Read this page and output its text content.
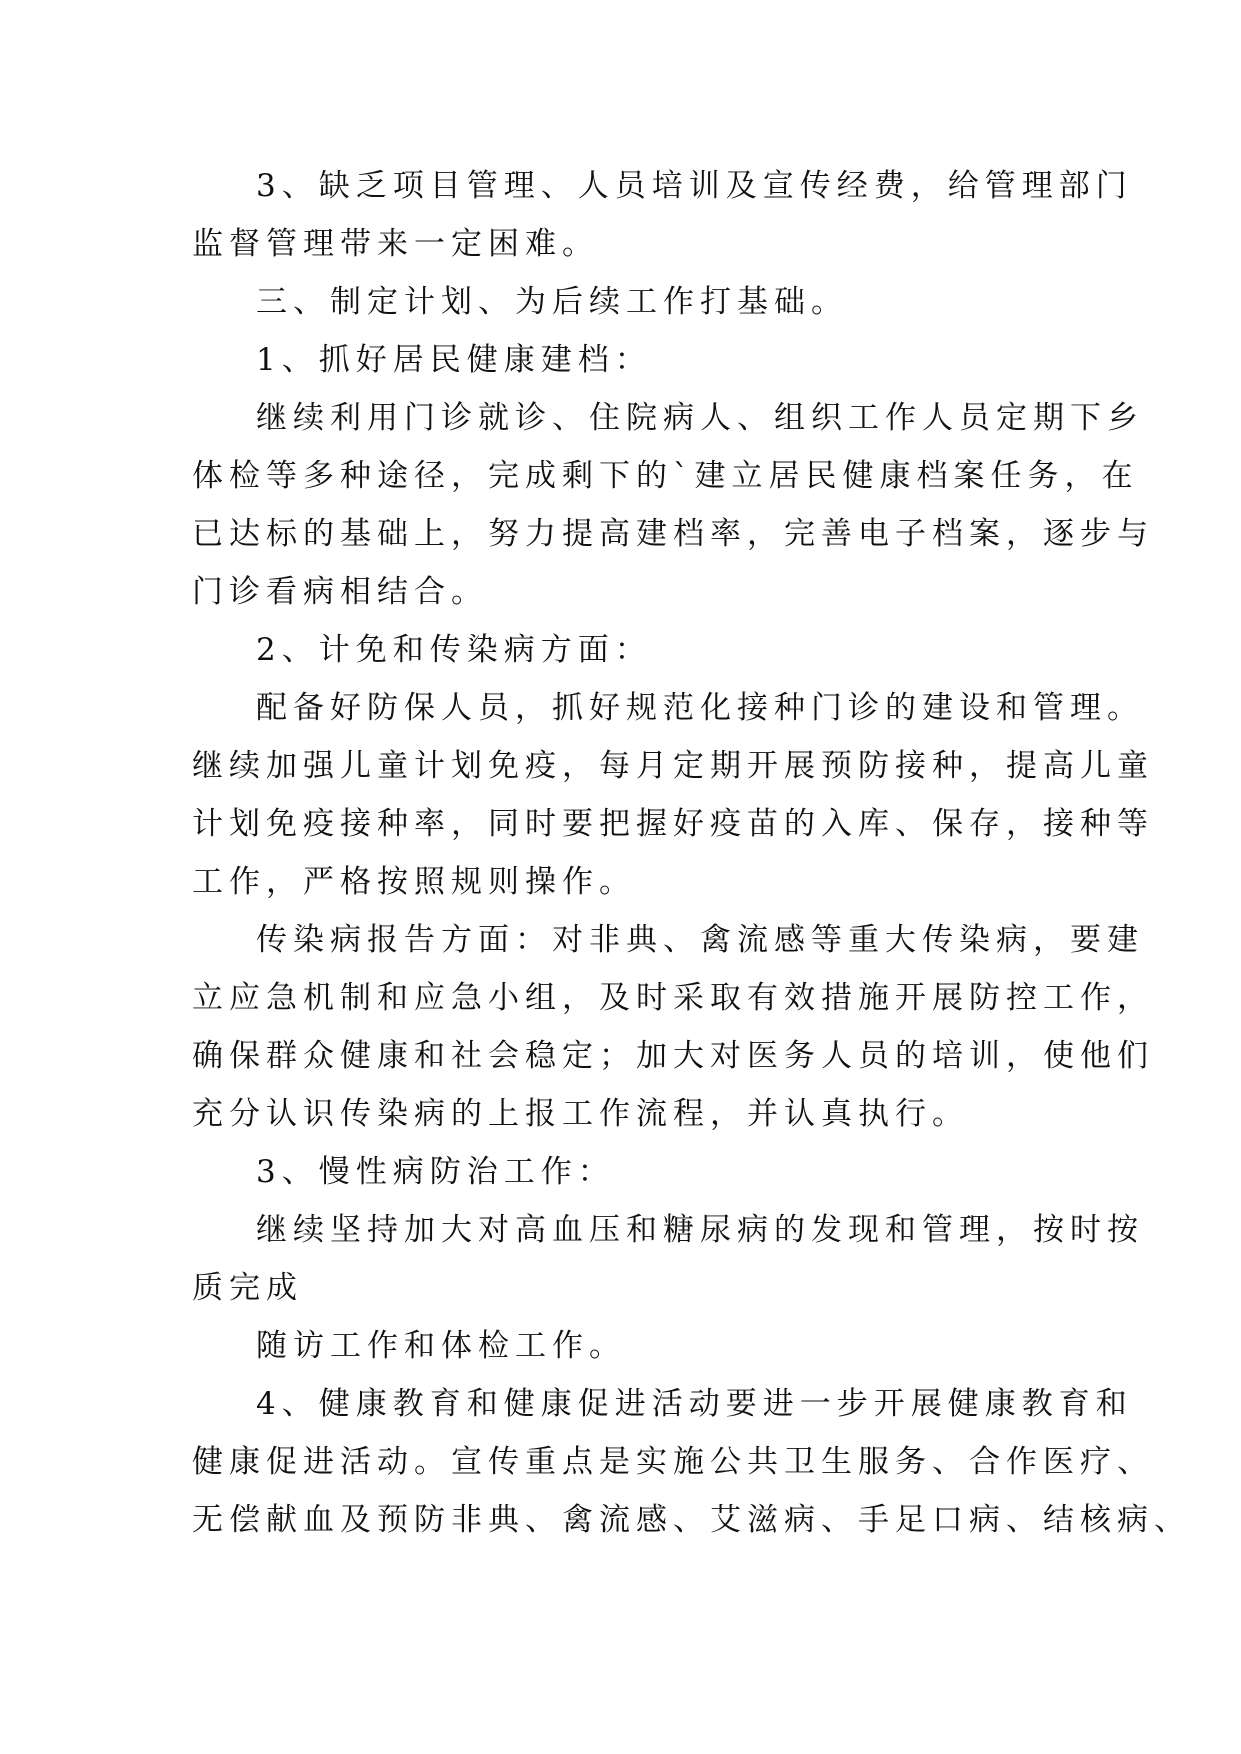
3、缺乏项目管理、人员培训及宣传经费，给管理部门
监督管理带来一定困难。
三、制定计划、为后续工作打基础。
1、抓好居民健康建档：
继续利用门诊就诊、住院病人、组织工作人员定期下乡
体检等多种途径，完成剩下的`建立居民健康档案任务，在
已达标的基础上，努力提高建档率，完善电子档案，逐步与
门诊看病相结合。
2、计免和传染病方面：
配备好防保人员，抓好规范化接种门诊的建设和管理。
继续加强儿童计划免疫，每月定期开展预防接种，提高儿童
计划免疫接种率，同时要把握好疫苗的入库、保存，接种等
工作，严格按照规则操作。
传染病报告方面：对非典、禽流感等重大传染病，要建
立应急机制和应急小组，及时采取有效措施开展防控工作，
确保群众健康和社会稳定；加大对医务人员的培训，使他们
充分认识传染病的上报工作流程，并认真执行。
3、慢性病防治工作：
继续坚持加大对高血压和糖尿病的发现和管理，按时按
质完成
随访工作和体检工作。
4、健康教育和健康促进活动要进一步开展健康教育和
健康促进活动。宣传重点是实施公共卫生服务、合作医疗、
无偿献血及预防非典、禽流感、艾滋病、手足口病、结核病、
